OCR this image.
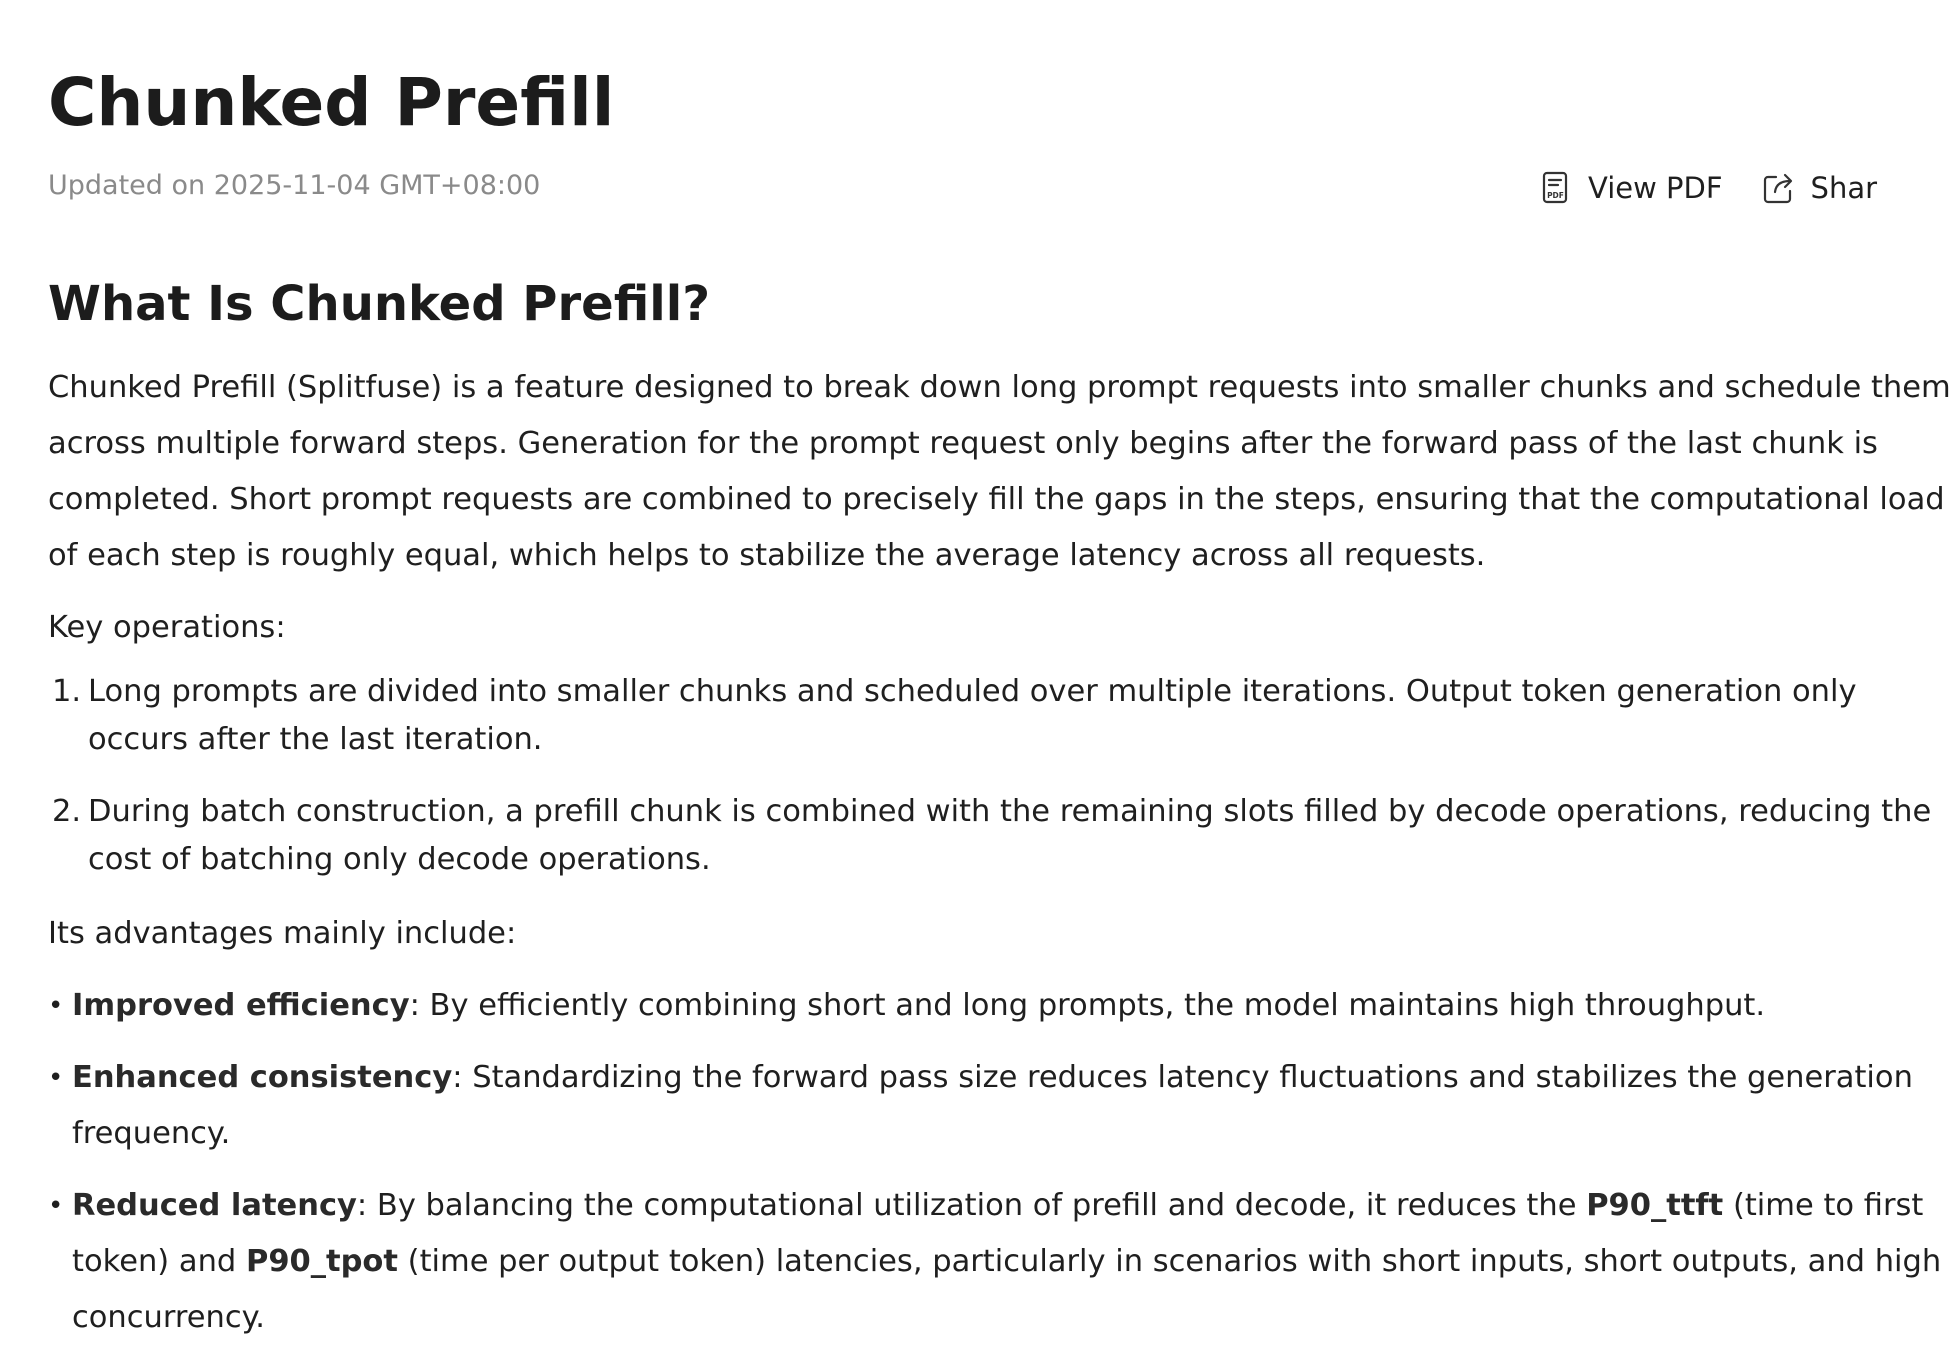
Chunked Prefill
Updated on 2025-11-04 GMT+08:00	PDF View PDF	Shar
What Is Chunked Prefill?

Chunked Prefill (Splitfuse) is a feature designed to break down long prompt requests into smaller chunks and schedule them
across multiple forward steps. Generation for the prompt request only begins after the forward pass of the last chunk is
completed. Short prompt requests are combined to precisely fill the gaps in the steps, ensuring that the computational load
of each step is roughly equal, which helps to stabilize the average latency across all requests.

Key operations:

1. Long prompts are divided into smaller chunks and scheduled over multiple iterations. Output token generation only
occurs after the last iteration.
2. During batch construction, a prefill chunk is combined with the remaining slots filled by decode operations, reducing the
cost of batching only decode operations.

Its advantages mainly include:

• Improved efficiency: By efficiently combining short and long prompts, the model maintains high throughput.
• Enhanced consistency: Standardizing the forward pass size reduces latency fluctuations and stabilizes the generation
frequency.
• Reduced latency: By balancing the computational utilization of prefill and decode, it reduces the P90_ttft (time to first
token) and P90_tpot (time per output token) latencies, particularly in scenarios with short inputs, short outputs, and high
concurrency.
